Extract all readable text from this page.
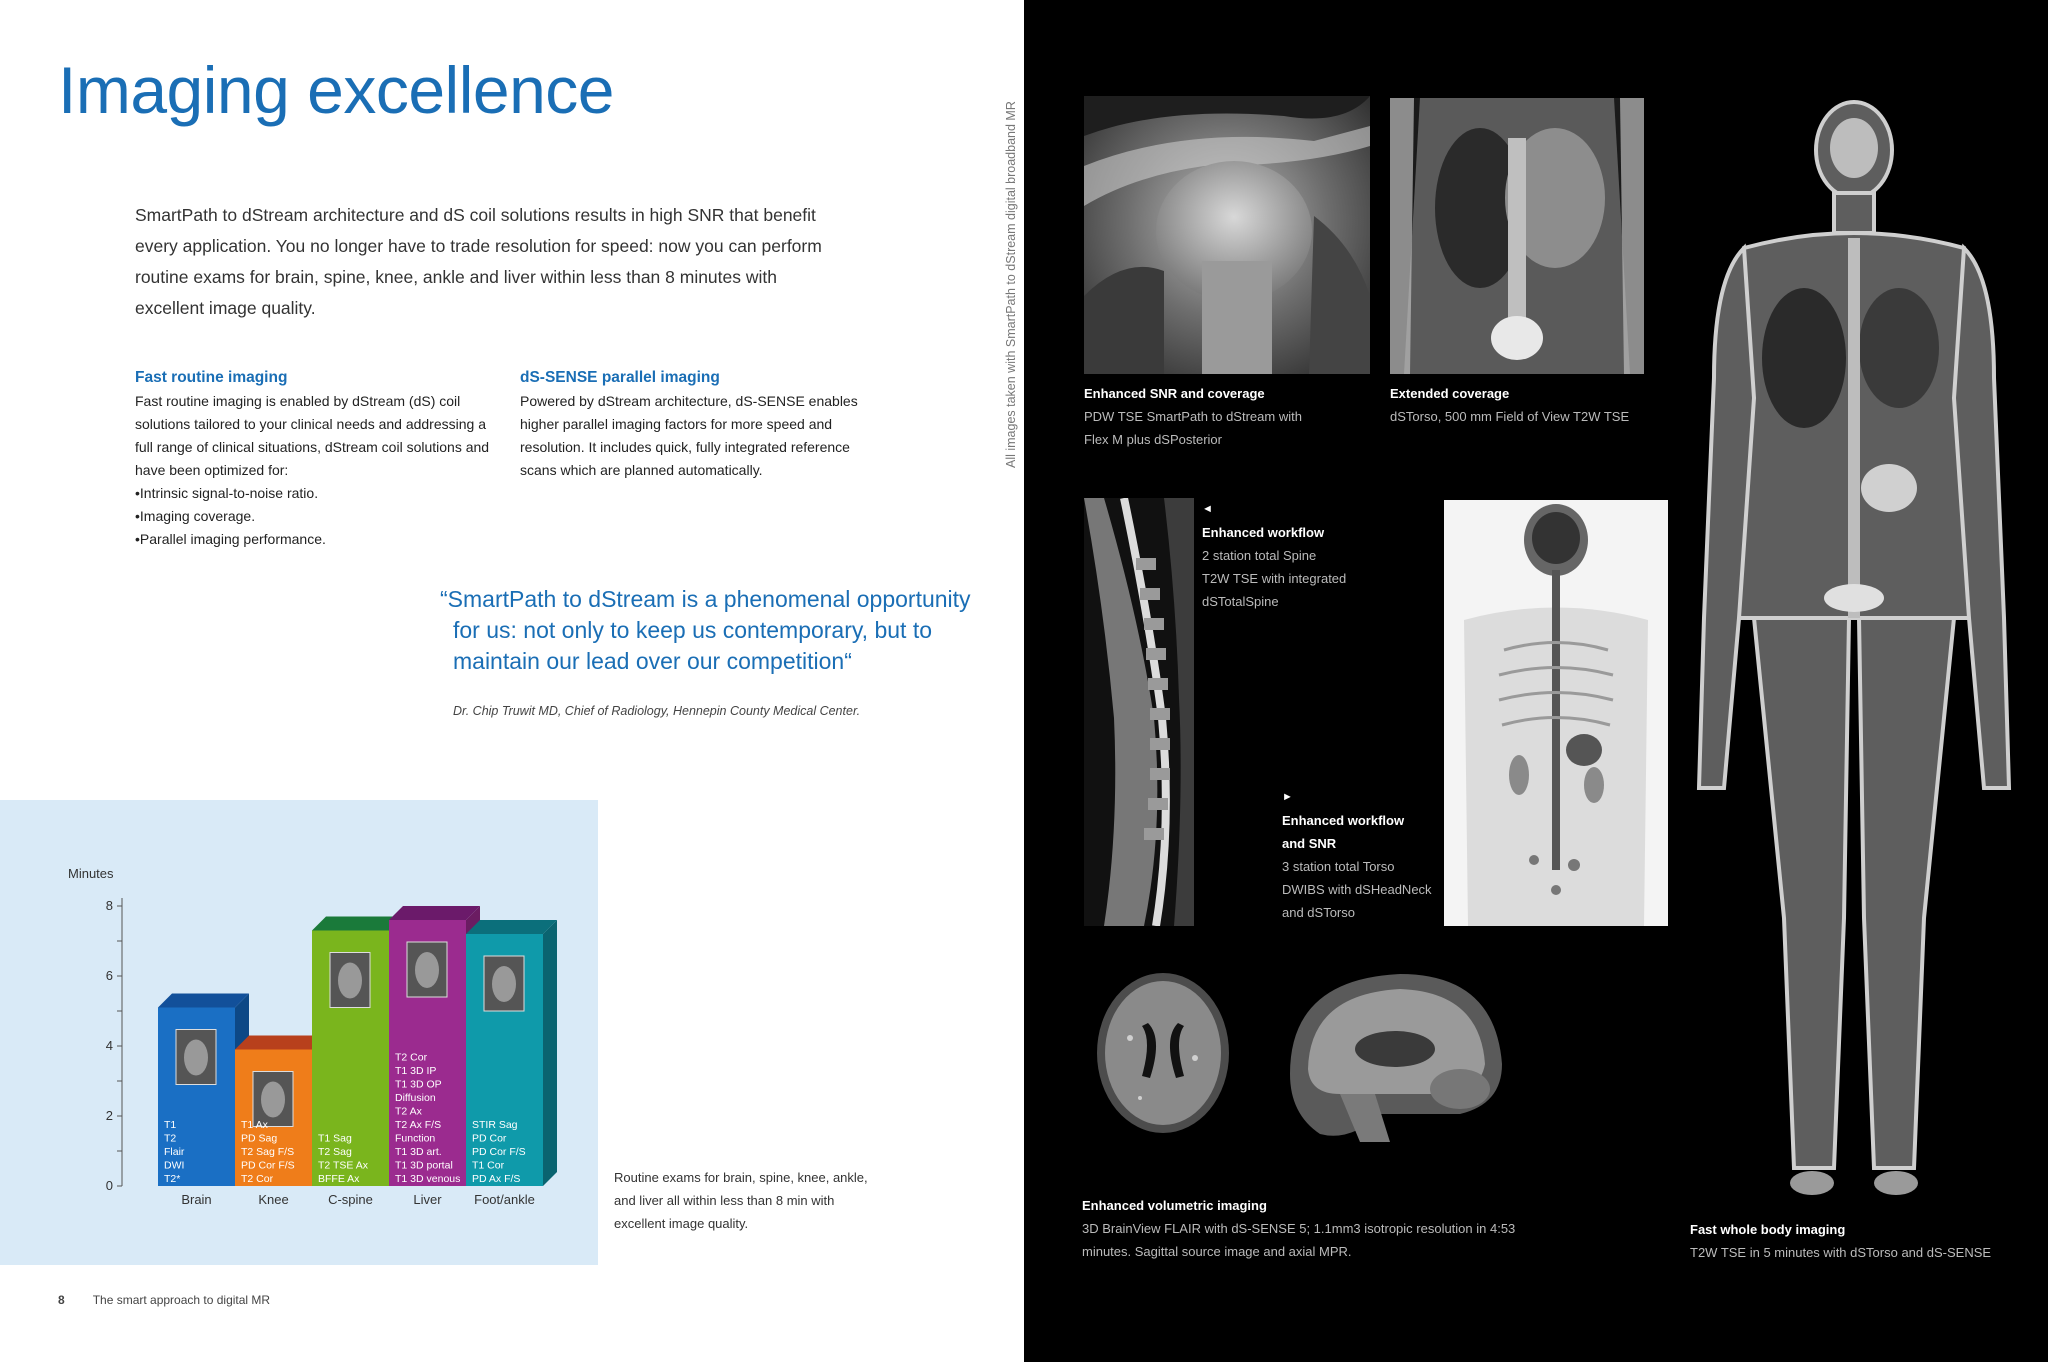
Imaging excellence
SmartPath to dStream architecture and dS coil solutions results in high SNR that benefit every application. You no longer have to trade resolution for speed: now you can perform routine exams for brain, spine, knee, ankle and liver within less than 8 minutes with excellent image quality.
Fast routine imaging

Fast routine imaging is enabled by dStream (dS) coil solutions tailored to your clinical needs and addressing a full range of clinical situations, dStream coil solutions and have been optimized for:

• Intrinsic signal-to-noise ratio.
• Imaging coverage.
• Parallel imaging performance.
dS-SENSE parallel imaging

Powered by dStream architecture, dS-SENSE enables higher parallel imaging factors for more speed and resolution. It includes quick, fully integrated reference scans which are planned automatically.

“SmartPath to dStream is a phenomenal opportunity for us: not only to keep us contemporary, but to maintain our lead over our competition“
Dr. Chip Truwit MD, Chief of Radiology, Hennepin County Medical Center.
Minutes
0
2
4
6
8
Brain
T1
T2
Flair
DWI
T2*
Knee
T1 Ax
PD Sag
T2 Sag F/S
PD Cor F/S
T2 Cor
C-spine
T1 Sag
T2 Sag
T2 TSE Ax
BFFE Ax
Liver
T2 Cor
T1 3D IP
T1 3D OP
Diffusion
T2 Ax
T2 Ax F/S
Function
T1 3D art.
T1 3D portal
T1 3D venous
Foot/ankle
STIR Sag
PD Cor
PD Cor F/S
T1 Cor
PD Ax F/S	Routine exams for brain, spine, knee, ankle, and liver all within less than 8 min with excellent image quality.
8 The smart approach to digital MR
All images taken with SmartPath to dStream digital broadband MR	Enhanced SNR and coverage
PDW TSE SmartPath to dStream with
Flex M plus dSPosterior
Extended coverage
dSTorso, 500 mm Field of View T2W TSE
◄
Enhanced workflow
2 station total Spine
T2W TSE with integrated
dSTotalSpine
►
Enhanced workflow
and SNR
3 station total Torso
DWIBS with dSHeadNeck
and dSTorso
Enhanced volumetric imaging
3D BrainView FLAIR with dS-SENSE 5; 1.1mm3 isotropic resolution in 4:53
minutes. Sagittal source image and axial MPR.
Fast whole body imaging
T2W TSE in 5 minutes with dSTorso and dS-SENSE
